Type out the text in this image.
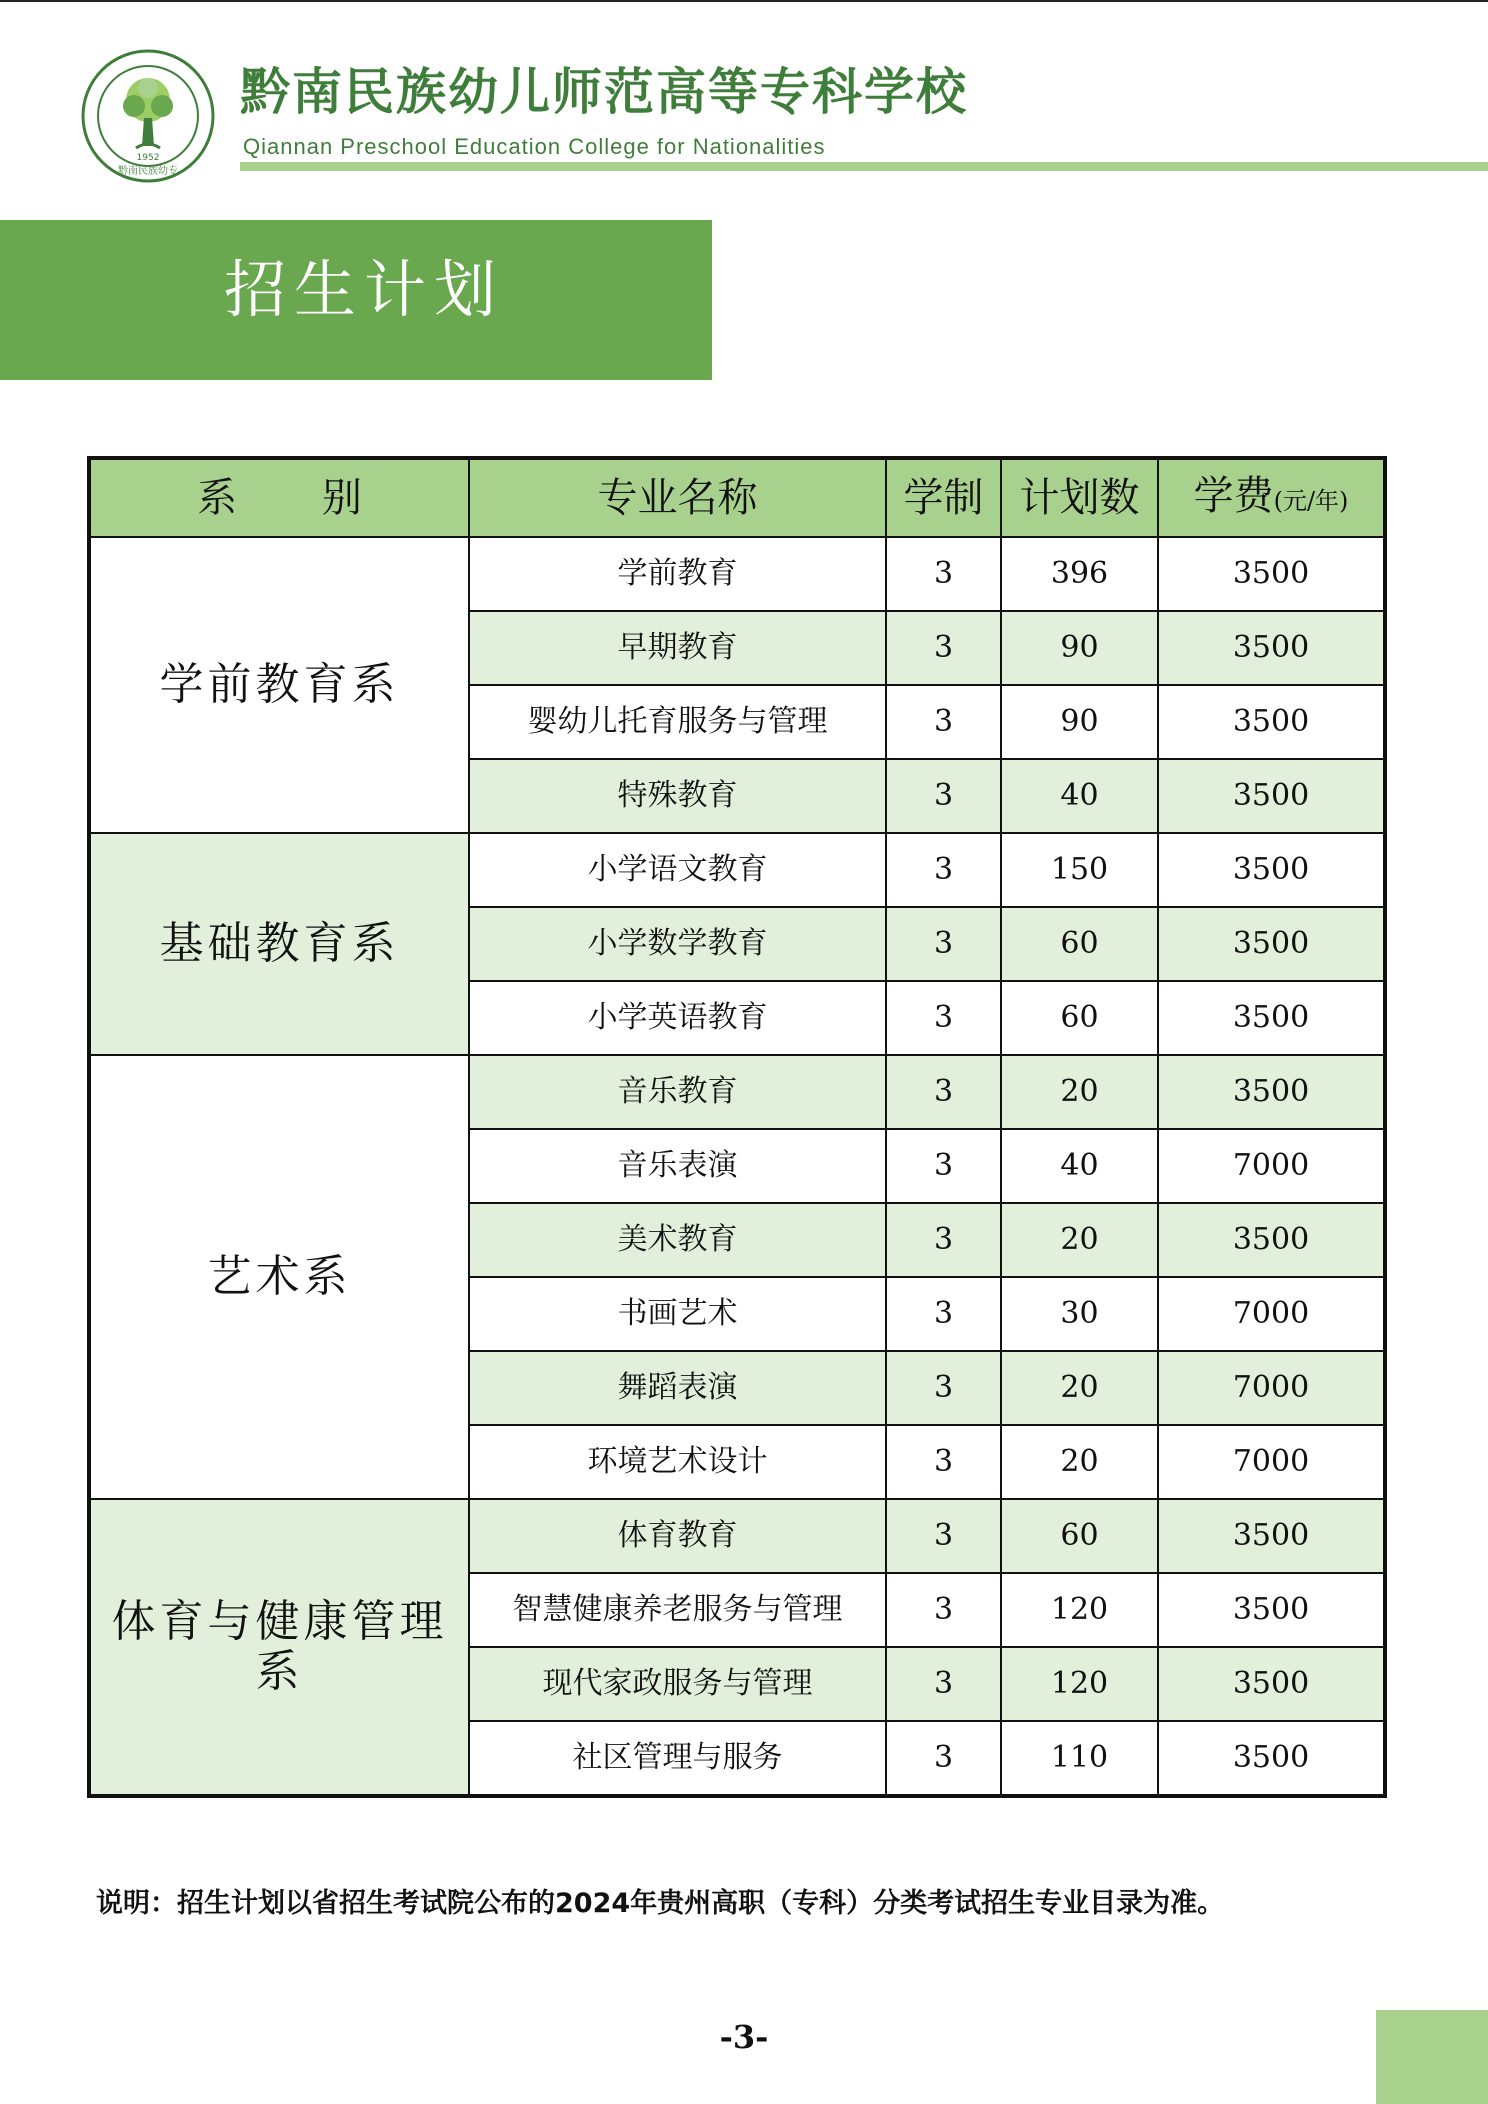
1952
黔南民族幼专
黔南民族幼儿师范高等专科学校
Qiannan Preschool Education College for Nationalities
招生计划
系 别	专业名称	学制	计划数	学费(元/年)
学前教育系	学前教育	3	396	3500
	早期教育	3	90	3500
	婴幼儿托育服务与管理	3	90	3500
	特殊教育	3	40	3500
基础教育系	小学语文教育	3	150	3500
	小学数学教育	3	60	3500
	小学英语教育	3	60	3500
艺术系	音乐教育	3	20	3500
	音乐表演	3	40	7000
	美术教育	3	20	3500
	书画艺术	3	30	7000
	舞蹈表演	3	20	7000
	环境艺术设计	3	20	7000
体育与健康管理系	体育教育	3	60	3500
	智慧健康养老服务与管理	3	120	3500
	现代家政服务与管理	3	120	3500
	社区管理与服务	3	110	3500
说明：招生计划以省招生考试院公布的2024年贵州高职（专科）分类考试招生专业目录为准。
-3-
